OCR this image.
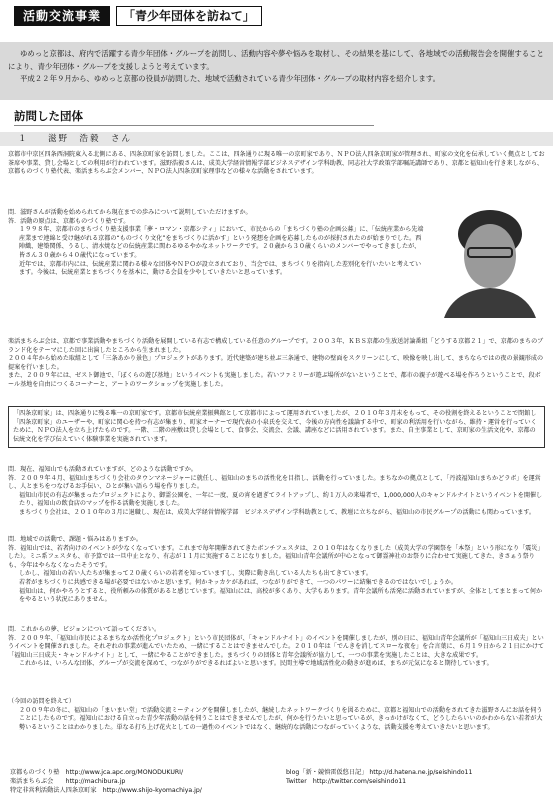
活動交流事業	「青少年団体を訪ねて」

ゆめっと京都は、府内で活躍する青少年団体・グループを訪問し、活動内容や夢や悩みを取材し、その結果を基にして、各地域での活動報告会を開催することにより、青少年団体・グループを支援しようと考えています。

平成２２年９月から、ゆめっと京都の役員が訪問した、地域で活動されている青少年団体・グループの取材内容を紹介します。

訪問した団体
１	滋野　浩毅　さん

京都市中京区四条西洞院東入る北側にある、四条京町家を訪問しました。ここは、四条通りに現る唯一の京町家であり、ＮＰＯ法人四条京町家が管理され、町家の文化を伝承していく拠点としてお茶席や事業、貸し会場としての利用が行われています。滋野浩毅さんは、成美大学経営情報学部ビジネスデザイン学科助教、同志社大学政策学部嘱託講師であり、京都と福知山を行き来しながら、京都ものづくり塾代表、楽活まちらぶ会メンバー、ＮＰＯ法人四条京町家理事などの様々な活動をされています。

問．滋野さんが活動を始められてから現在までの歩みについて説明していただけますか。

答．活動の原点は、京都ものづくり塾です。

１９９８年、京都市のまちづくり塾支援事業「夢・ロマン・京都シティ」において、市民からの「まちづくり塾の企画公募」に、「伝統産業から先端産業まで連綿と受け継がれる京都の“ものづくり文化”をまちづくりに活かす」という発想を企画を応募したものが採択されたのが始まりでした。西陣織、建築関係、うるし、清水焼などの伝統産業に関わるゆるやかなネットワークです。２０歳から３０歳くらいのメンバーでやってきましたが、皆さん３０歳から４０歳代になっています。

近年では、京都市内には、伝統産業に関わる様々な団体やＮＰＯが設立されており、当会では、まちづくりを指向した差別化を行いたいと考えています。今後は、伝統産業とまちづくりを基本に、動ける会員を少やしていきたいと思っています。

楽活まちらぶ会は、京都で事業活動やまちづくり活動を展開している有志で構成している任意のグループです。２００３年、ＫＢＳ京都の生放送討論番組「どうする京都２１」で、京都のまちのブランド化をテーマにした回に出演したところから生まれました。

２００４年から始めた取組として「三条あかり景色」プロジェクトがあります。近代建築が建ち並ぶ三条通で、建物の壁面をスクリーンにして、映像を映し出して、まちならではの夜の景観形成の提案を行いました。

また、２００９年には、ゼスト御池で、「ぼくらの遊び基地」というイベントも実施しました。若いファミリーが遊ぶ場所がないということで、都市の親子が遊べる場を作ろうということで、段ボール基地を自由につくるコーナーと、アートのワークショップを実施しました。

「四条京町家」は、四条通りに残る唯一の京町家です。京都市伝統産業振興館として京都市によって運用されていましたが、２０１０年３月末をもって、その役割を終えるということで閉館し「四条京町家」のユーザーや、町家に関心を持つ有志が集まり、町家オーナーで現代表の小泉氏を交えて、今後の方向性を議論する中で、町家の利活用を行いながら、維持・運営を行っていくために、ＮＰＯ法人を立ち上げたものです。一階、二階の座敷は貸し会場として、食事会、交流会、会議、講座などに活用されています。また、自主事業として、京町家の生活文化や、京都の伝統文化を学び伝えていく体験事業を実施されています。

問．現在、福知山でも活動されていますが、どのような活動ですか。

答．２００９年４月、福知山まちづくり会社のタウンマネージャーに就任し、福知山のまちの活性化を目指し、活動を行っていました。まちなかの拠点として、「丹波福知山まちかどラボ」を運営し、人とまちをつなげるお手伝い、ひとが集い語らう場を作りました。

福知山市民の有志が集まったプロジェクトにより、御霊公園を、一年に一度、夏の宵を過ぎてライトアップし、約１万人の来場者で、1,000,000人のキャンドルナイトというイベントを開催したり、福知山の飲食店のマップを作る活動を実施しました。

まちづくり会社は、２０１０年の３月に退職し、現在は、成美大学経営情報学部　ビジネスデザイン学科助教として、教壇に立ちながら、福知山の市民グループの活動にも関わっています。

問．地域での活動で、課題・悩みはありますか。

答．福知山では、若者向けのイベントが少なくなっています。これまで毎年開催されてきたボンチフェスタは、２０１０年はなくなりました（成美大学の学園祭を「本祭」という形になり「震災」した）。ミニ系フェスタも、市予算では一旦中止となり、有志が１１月に実施することになりました。福知山青年会議所が中心となって御霊神社のお祭りに合わせて実施してきた、きさぁう祭りも、今年はやらなくなったそうです。

しかし、福知山の若い人たちが集まって２０歳くらいの若者を知っていますし、実際に動き出している人たちも出てきています。

若者がまちづくりに共感できる場が必要ではないかと思います。何かキッカケがあれば、つながりができて、一つのパワーに結集できるのではないでしょうか。

福知山は、何かやろうとすると、役所頼みの体質があると感じています。福知山には、高校が多くあり、大学もあります。青年会議所も活発に活動されていますが、全体としてまとまって何かをやるという状況にありません。

問．これからの夢、ビジョンについて語ってください。

答．２００９年、「福知山市民によるまちなか活性化プロジェクト」という市民団体が、「キャンドルナイト」のイベントを開催しましたが、別の日に、福知山青年会議所が「福知山三日成夫」というイベントを開催されました。それぞれの事業が進んでいたため、一緒にすることはできませんでした。２０１０年は「でんきを消してスローな夜を」を合言葉に、６月１９日から２１日にかけて「福知山三日成夫・キャンドルナイト」として、一緒にやることができました。まちづくりの団体と青年会議所が協力して、一つの事業を実施したことは、大きな成果です。

これからは、いろんな団体、グループが交流を深めて、つながりができるればよいと思います。民間主導で地域活性化の動きが進めば、まちが元気になると期待しています。

（今回の訪問を終えて）

２００９年の冬に、福知山の「まいまい堂」で活動交流ミーティングを開催しましたが、継続したネットワークづくりを図るために、京都と福知山での活動をされてきた滋野さんにお話を伺うことにしたものです。福知山における自立った青少年活動の話を伺うことはできませんでしたが、何かを行うたいと思っているが、きっかけがなくて、どうしたらいいのかわからない若者が大勢いるということはわかりました。単なる打ち上げ花火としての一過性のイベントではなく、継続的な活動につながっていくような、活動支援を考えていきたいと思います。

京都ものづくり塾　http://www.jca.apc.org/MONODUKURI/	blog「新・競慎雷仮悠日記」 http://d.hatena.ne.jp/seishindo11
楽活まちらぶ会　　http://machibura.jp	Twitter　http://twitter.com/seishindo11
特定非営利活動法人四条京町家　http://www.shijo-kyomachiya.jp/
